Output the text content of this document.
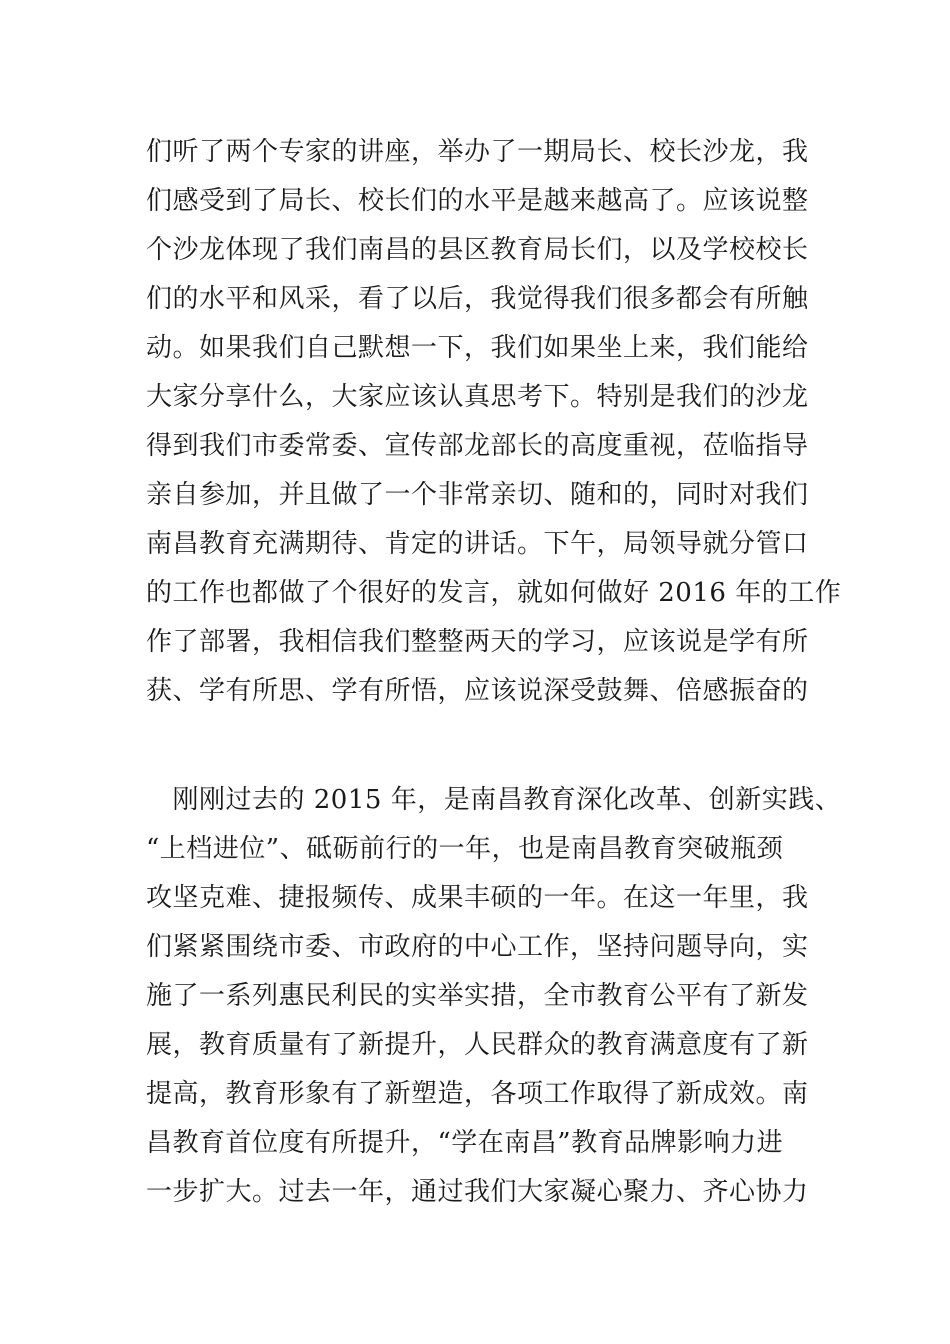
们听了两个专家的讲座，举办了一期局长、校长沙龙，我
们感受到了局长、校长们的水平是越来越高了。应该说整
个沙龙体现了我们南昌的县区教育局长们，以及学校校长
们的水平和风采，看了以后，我觉得我们很多都会有所触
动。如果我们自己默想一下，我们如果坐上来，我们能给
大家分享什么，大家应该认真思考下。特别是我们的沙龙
得到我们市委常委、宣传部龙部长的高度重视，莅临指导
亲自参加，并且做了一个非常亲切、随和的，同时对我们
南昌教育充满期待、肯定的讲话。下午，局领导就分管口
的工作也都做了个很好的发言，就如何做好 2016 年的工作
作了部署，我相信我们整整两天的学习，应该说是学有所
获、学有所思、学有所悟，应该说深受鼓舞、倍感振奋的
　刚刚过去的 2015 年，是南昌教育深化改革、创新实践、
“上档进位”、砥砺前行的一年，也是南昌教育突破瓶颈
攻坚克难、捷报频传、成果丰硕的一年。在这一年里，我
们紧紧围绕市委、市政府的中心工作，坚持问题导向，实
施了一系列惠民利民的实举实措，全市教育公平有了新发
展，教育质量有了新提升，人民群众的教育满意度有了新
提高，教育形象有了新塑造，各项工作取得了新成效。南
昌教育首位度有所提升，“学在南昌”教育品牌影响力进
一步扩大。过去一年，通过我们大家凝心聚力、齐心协力
